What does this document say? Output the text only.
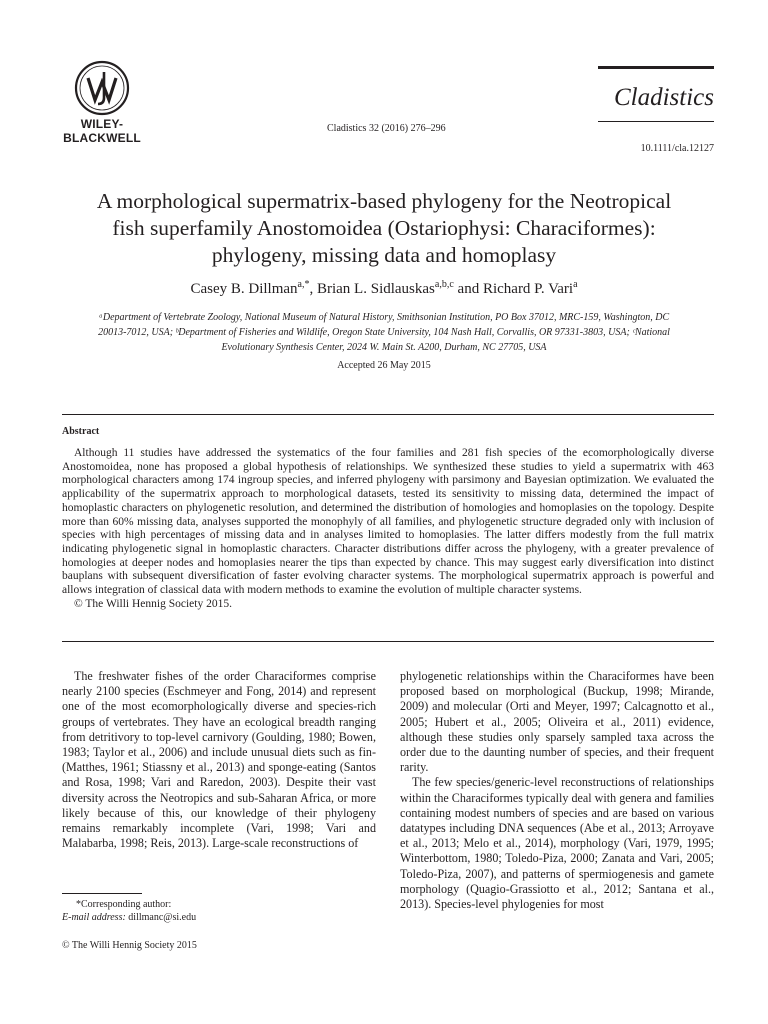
WILEY-
BLACKWELL
Cladistics 32 (2016) 276–296
Cladistics
10.1111/cla.12127
A morphological supermatrix-based phylogeny for the Neotropical
fish superfamily Anostomoidea (Ostariophysi: Characiformes):
phylogeny, missing data and homoplasy
Casey B. Dillman$^{a,*}$, Brian L. Sidlauskas$^{a,b,c}$ and Richard P. Vari$^a$
ᵃDepartment of Vertebrate Zoology, National Museum of Natural History, Smithsonian Institution, PO Box 37012, MRC-159, Washington, DC
20013-7012, USA; ᵇDepartment of Fisheries and Wildlife, Oregon State University, 104 Nash Hall, Corvallis, OR 97331-3803, USA; ᶜNational
Evolutionary Synthesis Center, 2024 W. Main St. A200, Durham, NC 27705, USA
Accepted 26 May 2015
Abstract

Although 11 studies have addressed the systematics of the four families and 281 fish species of the ecomorphologically diverse Anostomoidea, none has proposed a global hypothesis of relationships. We synthesized these studies to yield a supermatrix with 463 morphological characters among 174 ingroup species, and inferred phylogeny with parsimony and Bayesian optimization. We evaluated the applicability of the supermatrix approach to morphological datasets, tested its sensitivity to missing data, determined the impact of homoplastic characters on phylogenetic resolution, and determined the distribution of homologies and homoplasies on the topology. Despite more than 60% missing data, analyses supported the monophyly of all families, and phylogenetic structure degraded only with inclusion of species with high percentages of missing data and in analyses limited to homoplasies. The latter differs modestly from the full matrix indicating phylogenetic signal in homoplastic characters. Character distributions differ across the phylogeny, with a greater prevalence of homologies at deeper nodes and homoplasies nearer the tips than expected by chance. This may suggest early diversification into distinct bauplans with subsequent diversification of faster evolving character systems. The morphological supermatrix approach is powerful and allows integration of classical data with modern methods to examine the evolution of multiple character systems.

© The Willi Hennig Society 2015.

The freshwater fishes of the order Characiformes comprise nearly 2100 species (Eschmeyer and Fong, 2014) and represent one of the most ecomorphologically diverse and species-rich groups of vertebrates. They have an ecological breadth ranging from detritivory to top-level carnivory (Goulding, 1980; Bowen, 1983; Taylor et al., 2006) and include unusual diets such as fin- (Matthes, 1961; Stiassny et al., 2013) and sponge-eating (Santos and Rosa, 1998; Vari and Raredon, 2003). Despite their vast diversity across the Neotropics and sub-Saharan Africa, or more likely because of this, our knowledge of their phylogeny remains remarkably incomplete (Vari, 1998; Vari and Malabarba, 1998; Reis, 2013). Large-scale reconstructions of

phylogenetic relationships within the Characiformes have been proposed based on morphological (Buckup, 1998; Mirande, 2009) and molecular (Orti and Meyer, 1997; Calcagnotto et al., 2005; Hubert et al., 2005; Oliveira et al., 2011) evidence, although these studies only sparsely sampled taxa across the order due to the daunting number of species, and their frequent rarity.

The few species/generic-level reconstructions of relationships within the Characiformes typically deal with genera and families containing modest numbers of species and are based on various datatypes including DNA sequences (Abe et al., 2013; Arroyave et al., 2013; Melo et al., 2014), morphology (Vari, 1979, 1995; Winterbottom, 1980; Toledo-Piza, 2000; Zanata and Vari, 2005; Toledo-Piza, 2007), and patterns of spermiogenesis and gamete morphology (Quagio-Grassiotto et al., 2012; Santana et al., 2013). Species-level phylogenies for most

*Corresponding author:
E-mail address: dillmanc@si.edu
© The Willi Hennig Society 2015
